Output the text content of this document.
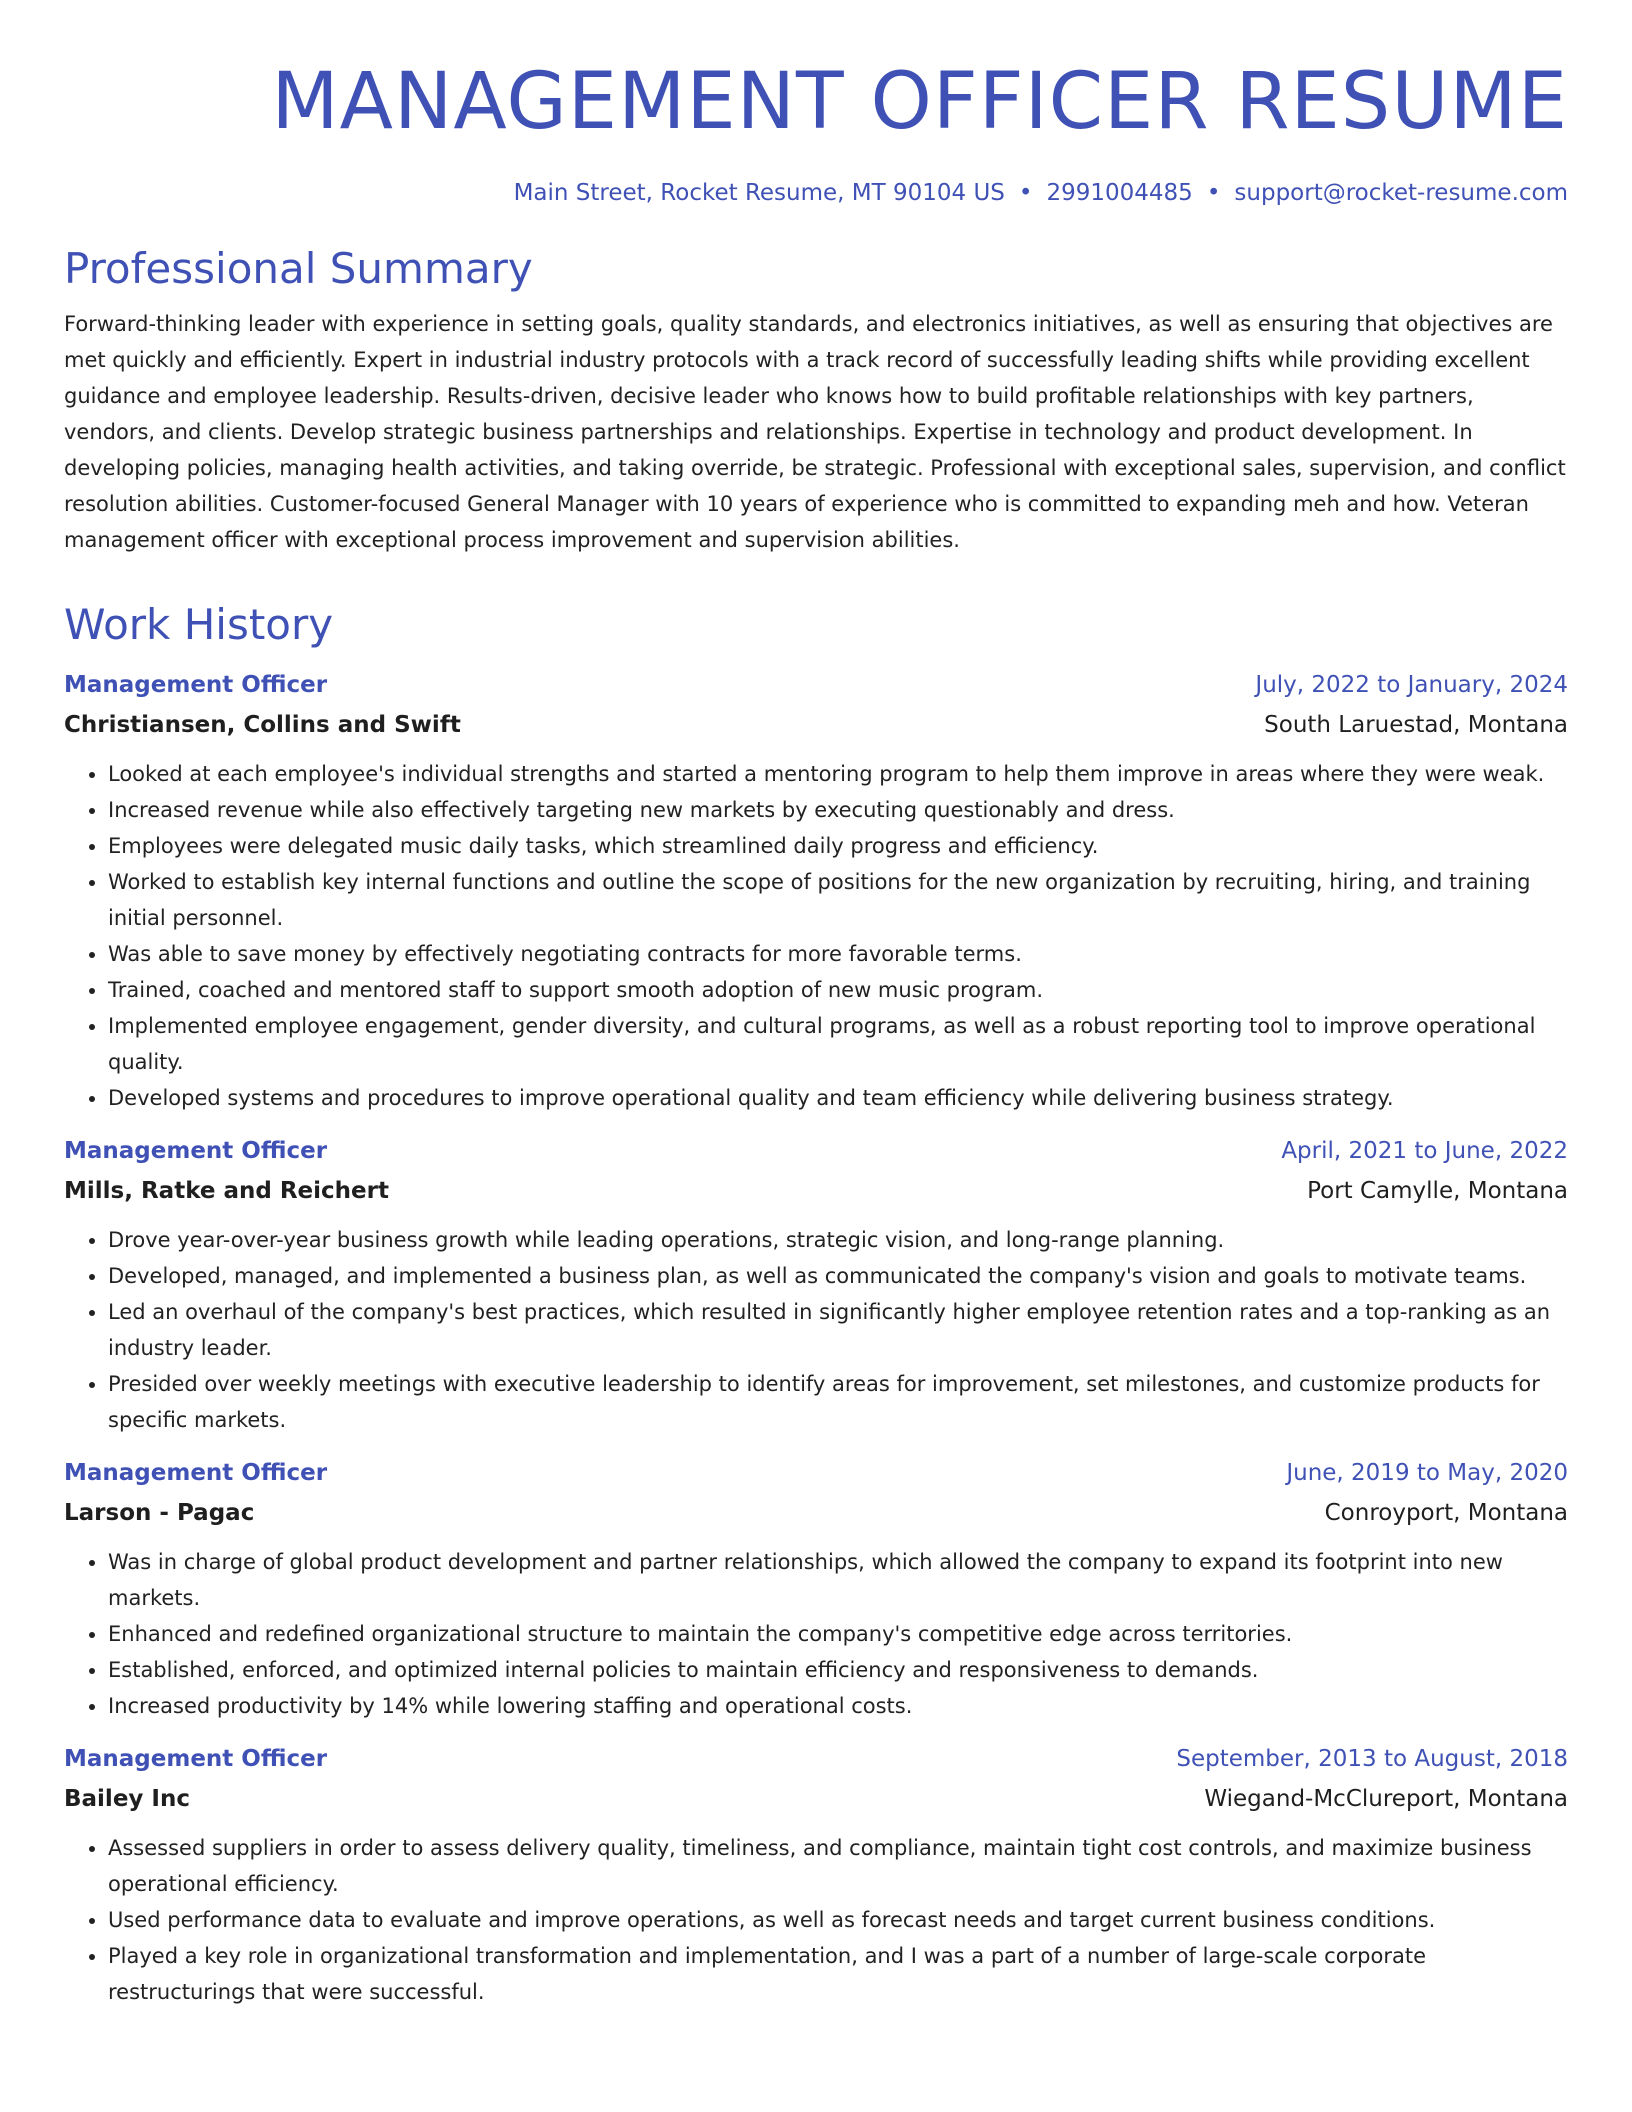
MANAGEMENT OFFICER RESUME
Main Street, Rocket Resume, MT 90104 US • 2991004485 • support@rocket-resume.com
Professional Summary

Forward-thinking leader with experience in setting goals, quality standards, and electronics initiatives, as well as ensuring that objectives are met quickly and efficiently. Expert in industrial industry protocols with a track record of successfully leading shifts while providing excellent guidance and employee leadership. Results-driven, decisive leader who knows how to build profitable relationships with key partners, vendors, and clients. Develop strategic business partnerships and relationships. Expertise in technology and product development. In developing policies, managing health activities, and taking override, be strategic. Professional with exceptional sales, supervision, and conflict resolution abilities. Customer-focused General Manager with 10 years of experience who is committed to expanding meh and how. Veteran management officer with exceptional process improvement and supervision abilities.

Work History
Management Officer	July, 2022 to January, 2024
Christiansen, Collins and Swift	South Laruestad, Montana
• Looked at each employee's individual strengths and started a mentoring program to help them improve in areas where they were weak.
• Increased revenue while also effectively targeting new markets by executing questionably and dress.
• Employees were delegated music daily tasks, which streamlined daily progress and efficiency.
• Worked to establish key internal functions and outline the scope of positions for the new organization by recruiting, hiring, and training initial personnel.
• Was able to save money by effectively negotiating contracts for more favorable terms.
• Trained, coached and mentored staff to support smooth adoption of new music program.
• Implemented employee engagement, gender diversity, and cultural programs, as well as a robust reporting tool to improve operational quality.
• Developed systems and procedures to improve operational quality and team efficiency while delivering business strategy.
Management Officer	April, 2021 to June, 2022
Mills, Ratke and Reichert	Port Camylle, Montana
• Drove year-over-year business growth while leading operations, strategic vision, and long-range planning.
• Developed, managed, and implemented a business plan, as well as communicated the company's vision and goals to motivate teams.
• Led an overhaul of the company's best practices, which resulted in significantly higher employee retention rates and a top-ranking as an industry leader.
• Presided over weekly meetings with executive leadership to identify areas for improvement, set milestones, and customize products for specific markets.
Management Officer	June, 2019 to May, 2020
Larson - Pagac	Conroyport, Montana
• Was in charge of global product development and partner relationships, which allowed the company to expand its footprint into new markets.
• Enhanced and redefined organizational structure to maintain the company's competitive edge across territories.
• Established, enforced, and optimized internal policies to maintain efficiency and responsiveness to demands.
• Increased productivity by 14% while lowering staffing and operational costs.
Management Officer	September, 2013 to August, 2018
Bailey Inc	Wiegand-McClureport, Montana
• Assessed suppliers in order to assess delivery quality, timeliness, and compliance, maintain tight cost controls, and maximize business operational efficiency.
• Used performance data to evaluate and improve operations, as well as forecast needs and target current business conditions.
• Played a key role in organizational transformation and implementation, and I was a part of a number of large-scale corporate restructurings that were successful.
